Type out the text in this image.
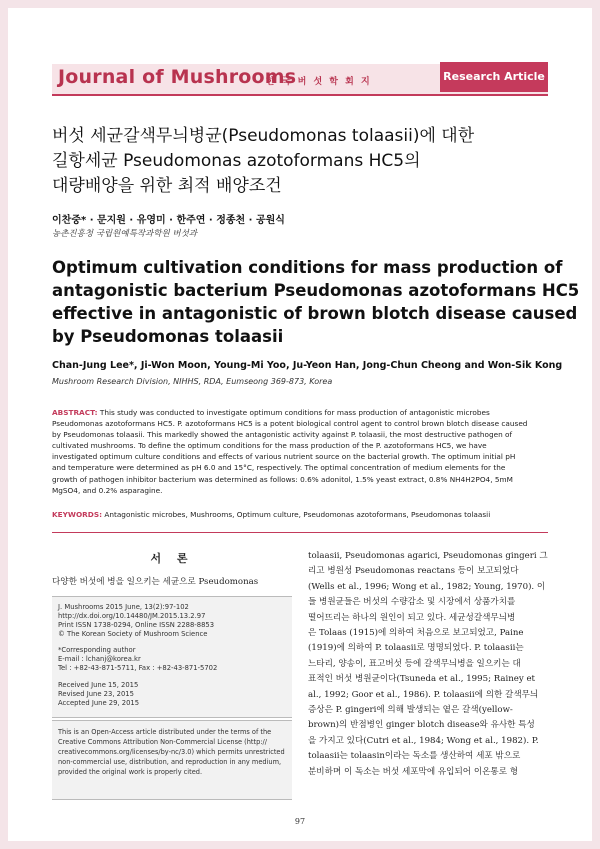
Journal of Mushrooms
한 국 버 섯 학 회 지	Research Article
버섯 세균갈색무늬병균(Pseudomonas tolaasii)에 대한
길항세균 Pseudomonas azotoformans HC5의
대량배양을 위한 최적 배양조건
이찬중* · 문지원 · 유영미 · 한주연 · 정종천 · 공원식
농촌진흥청 국립원예특작과학원 버섯과
Optimum cultivation conditions for mass production of
antagonistic bacterium Pseudomonas azotoformans HC5
effective in antagonistic of brown blotch disease caused
by Pseudomonas tolaasii
Chan-Jung Lee*, Ji-Won Moon, Young-Mi Yoo, Ju-Yeon Han, Jong-Chun Cheong and Won-Sik Kong
Mushroom Research Division, NIHHS, RDA, Eumseong 369-873, Korea
ABSTRACT: This study was conducted to investigate optimum conditions for mass production of antagonistic microbes
Pseudomonas azotoformans HC5. P. azotoformans HC5 is a potent biological control agent to control brown blotch disease caused
by Pseudomonas tolaasii. This markedly showed the antagonistic activity against P. tolaasii, the most destructive pathogen of
cultivated mushrooms. To define the optimum conditions for the mass production of the P. azotoformans HC5, we have
investigated optimum culture conditions and effects of various nutrient source on the bacterial growth. The optimum initial pH
and temperature were determined as pH 6.0 and 15°C, respectively. The optimal concentration of medium elements for the
growth of pathogen inhibitor bacterium was determined as follows: 0.6% adonitol, 1.5% yeast extract, 0.8% NH4H2PO4, 5mM
MgSO4, and 0.2% asparagine.
KEYWORDS: Antagonistic microbes, Mushrooms, Optimum culture, Pseudomonas azotoformans, Pseudomonas tolaasii
서 론
다양한 버섯에 병을 일으키는 세균으로 Pseudomonas
J. Mushrooms 2015 June, 13(2):97-102
http://dx.doi.org/10.14480/JM.2015.13.2.97
Print ISSN 1738-0294, Online ISSN 2288-8853
© The Korean Society of Mushroom Science
*Corresponding author
E-mail : lchanj@korea.kr
Tel : +82-43-871-5711, Fax : +82-43-871-5702
Received June 15, 2015
Revised June 23, 2015
Accepted June 29, 2015
This is an Open-Access article distributed under the terms of the
Creative Commons Attribution Non-Commercial License (http://
creativecommons.org/licenses/by-nc/3.0) which permits unrestricted
non-commercial use, distribution, and reproduction in any medium,
provided the original work is properly cited.
tolaasii, Pseudomonas agarici, Pseudomonas gingeri 그
리고 병원성 Pseudomonas reactans 등이 보고되었다
(Wells et al., 1996; Wong et al., 1982; Young, 1970). 이
들 병원균들은 버섯의 수량감소 및 시장에서 상품가치를
떨어뜨리는 하나의 원인이 되고 있다. 세균성갈색무늬병
은 Tolaas (1915)에 의하여 처음으로 보고되었고, Paine
(1919)에 의하여 P. tolaasii로 명명되었다. P. tolaasii는
느타리, 양송이, 표고버섯 등에 갈색무늬병을 일으키는 대
표적인 버섯 병원균이다(Tsuneda et al., 1995; Rainey et
al., 1992; Goor et al., 1986). P. tolaasii에 의한 갈색무늬
증상은 P. gingeri에 의해 발생되는 옅은 갈색(yellow-
brown)의 반점병인 ginger blotch disease와 유사한 특성
을 가지고 있다(Cutri et al., 1984; Wong et al., 1982). P.
tolaasii는 tolaasin이라는 독소를 생산하여 세포 밖으로
분비하며 이 독소는 버섯 세포막에 유입되어 이온통로 형
97
